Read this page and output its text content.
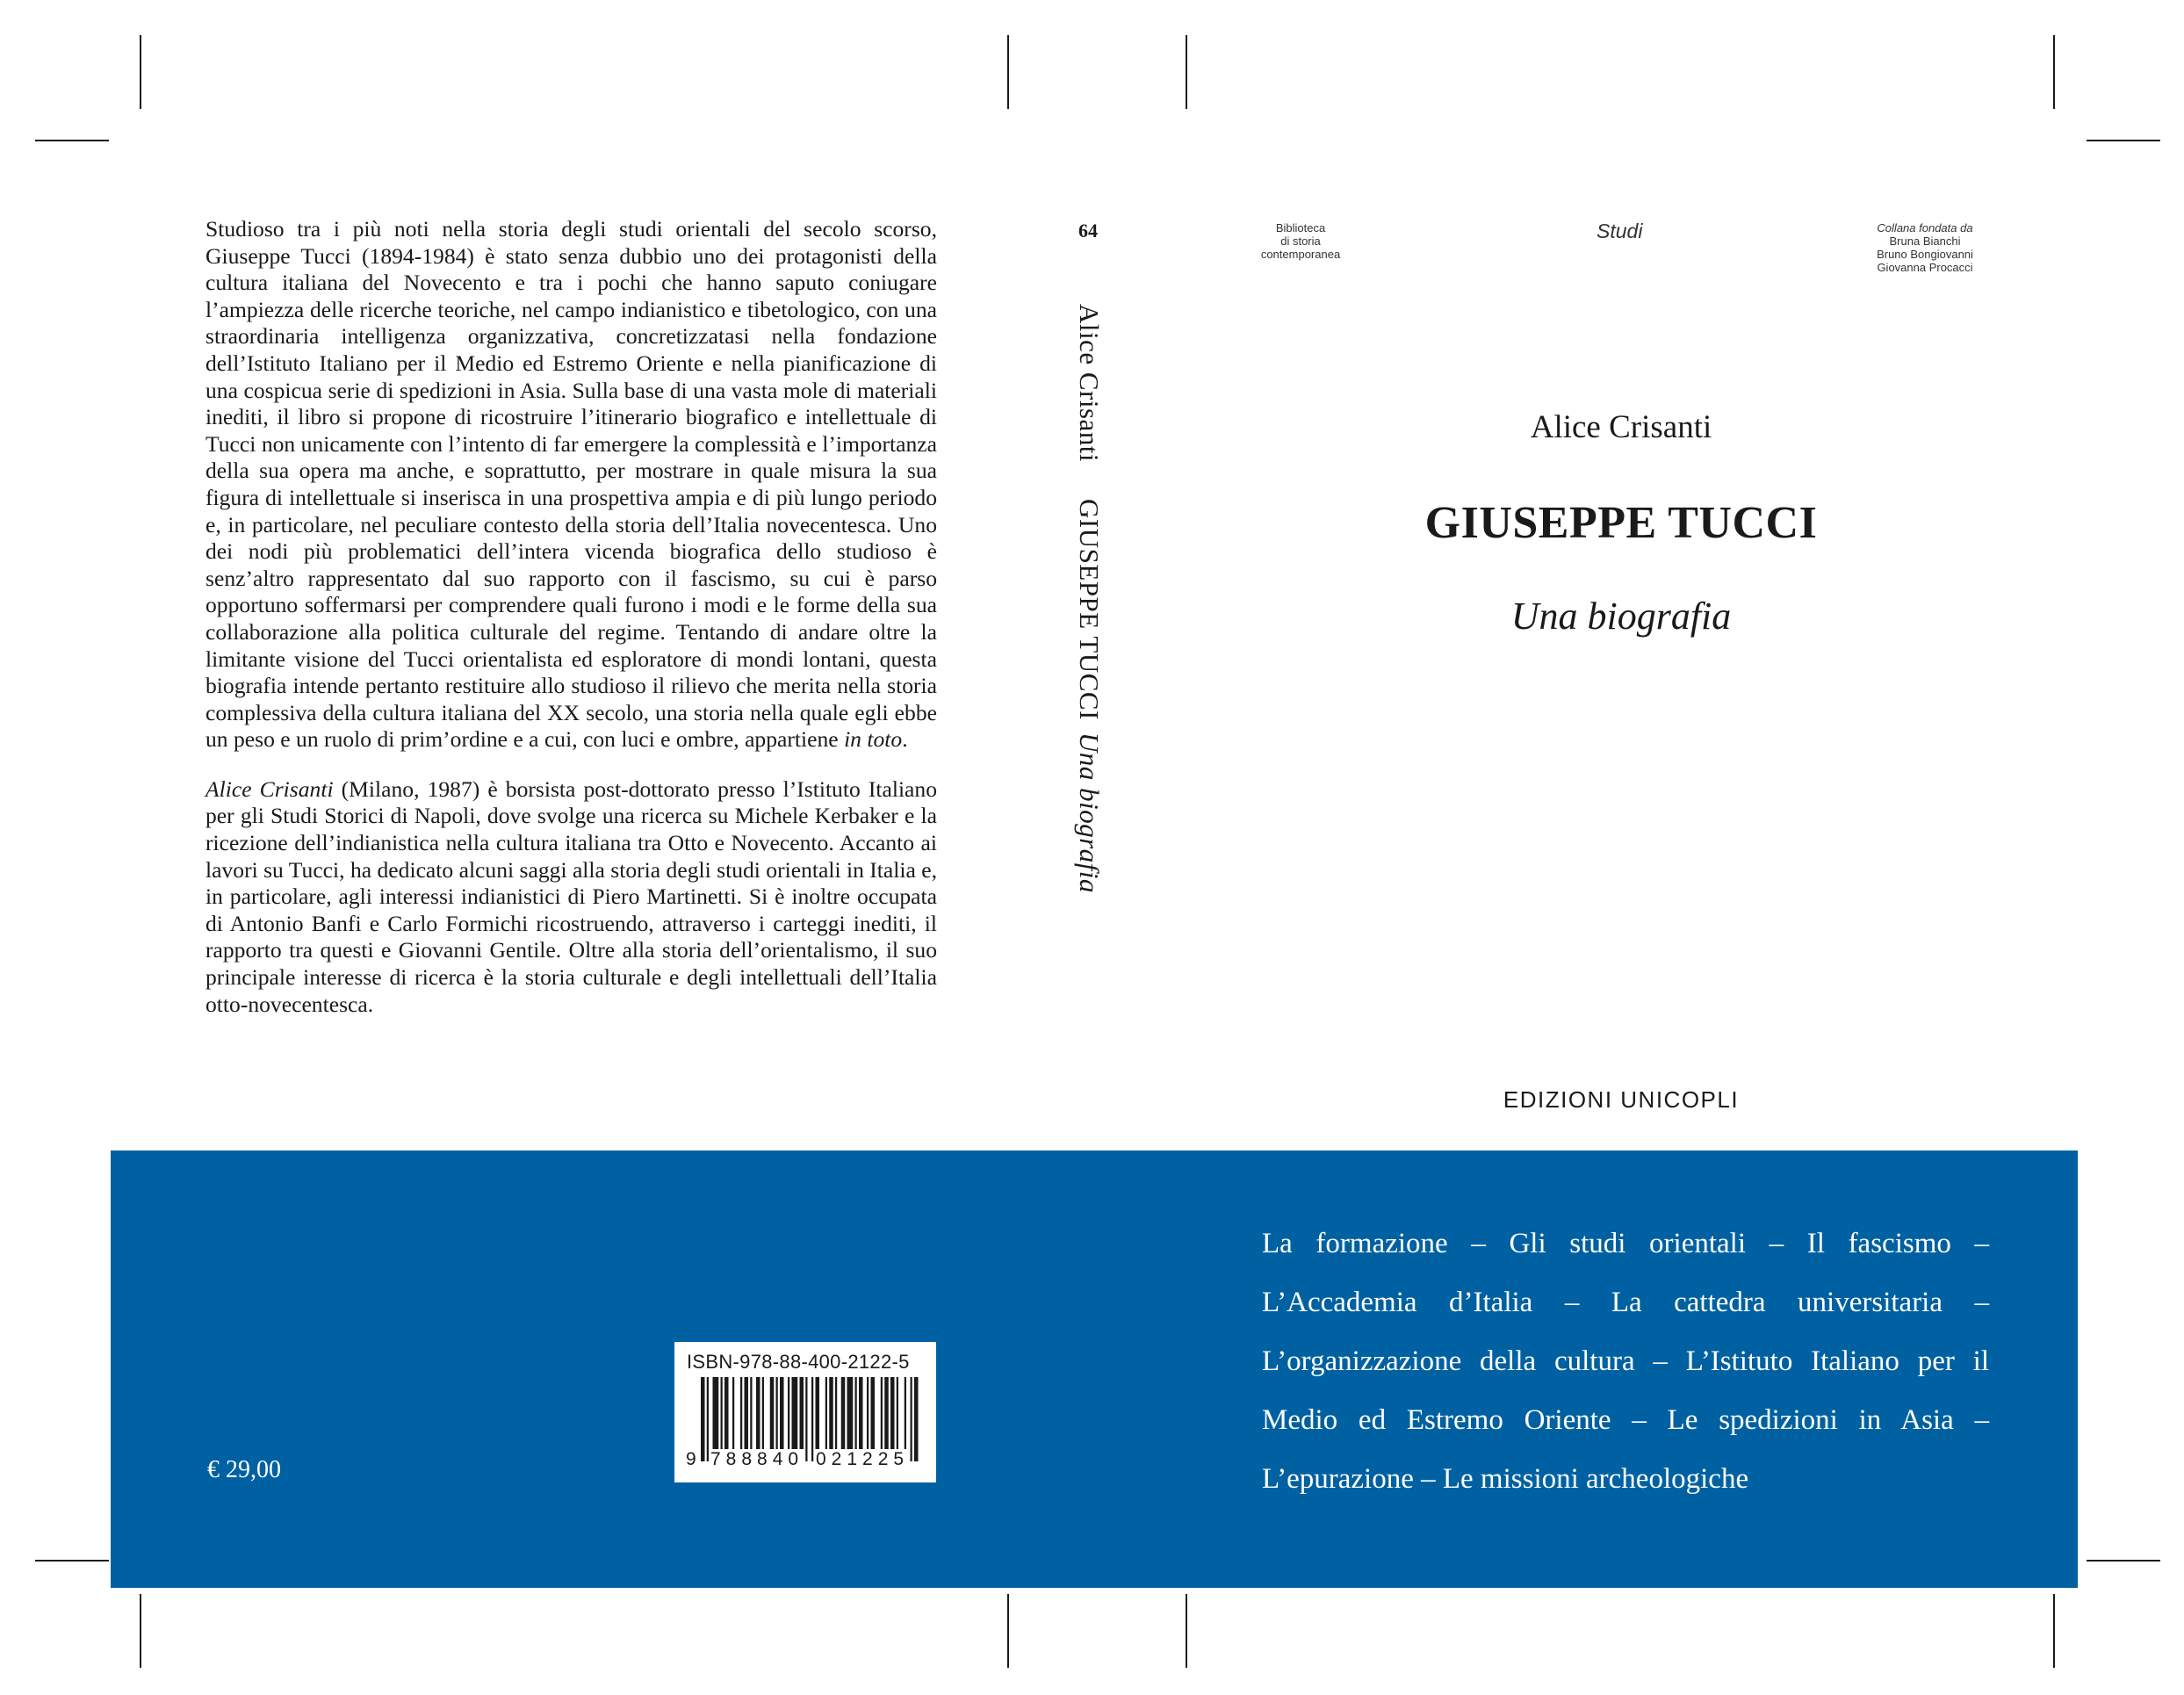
Studioso tra i più noti nella storia degli studi orientali del secolo scorso, Giuseppe Tucci (1894-1984) è stato senza dubbio uno dei protagonisti della cultura italiana del Novecento e tra i pochi che hanno saputo coniugare l’ampiezza delle ricerche teoriche, nel campo indianistico e tibetologico, con una straordinaria intelligenza organizzativa, concretizzatasi nella fondazione dell’Istituto Italiano per il Medio ed Estremo Oriente e nella pianificazione di una cospicua serie di spedizioni in Asia. Sulla base di una vasta mole di materiali inediti, il libro si propone di ricostruire l’itinerario biografico e intellettuale di Tucci non unicamente con l’intento di far emergere la complessità e l’importanza della sua opera ma anche, e soprattutto, per mostrare in quale misura la sua figura di intellettuale si inserisca in una prospettiva ampia e di più lungo periodo e, in particolare, nel peculiare contesto della storia dell’Italia novecentesca. Uno dei nodi più problematici dell’intera vicenda biografica dello studioso è senz’altro rappresentato dal suo rapporto con il fascismo, su cui è parso opportuno soffermarsi per comprendere quali furono i modi e le forme della sua collaborazione alla politica culturale del regime. Tentando di andare oltre la limitante visione del Tucci orientalista ed esploratore di mondi lontani, questa biografia intende pertanto restituire allo studioso il rilievo che merita nella storia complessiva della cultura italiana del XX secolo, una storia nella quale egli ebbe un peso e un ruolo di prim’ordine e a cui, con luci e ombre, appartiene in toto.

Alice Crisanti (Milano, 1987) è borsista post-dottorato presso l’Istituto Italiano per gli Studi Storici di Napoli, dove svolge una ricerca su Michele Kerbaker e la ricezione dell’indianistica nella cultura italiana tra Otto e Novecento. Accanto ai lavori su Tucci, ha dedicato alcuni saggi alla storia degli studi orientali in Italia e, in particolare, agli interessi indianistici di Piero Martinetti. Si è inoltre occupata di Antonio Banfi e Carlo Formichi ricostruendo, attraverso i carteggi inediti, il rapporto tra questi e Giovanni Gentile. Oltre alla storia dell’orientalismo, il suo principale interesse di ricerca è la storia culturale e degli intellettuali dell’Italia otto-novecentesca.

64
Alice CrisantiGIUSEPPE TUCCIUna biografia
Biblioteca
di storia
contemporanea
Studi	Collana fondata da
Bruna Bianchi
Bruno Bongiovanni
Giovanna Procacci
Alice Crisanti
GIUSEPPE TUCCI
Una biografia
EDIZIONI UNICOPLI
La formazione – Gli studi orientali – Il fascismo – L’Accademia d’Italia – La cattedra universitaria – L’organizzazione della cultura – L’Istituto Italiano per il Medio ed Estremo Oriente – Le spedizioni in Asia – L’epurazione – Le missioni archeologiche
€ 29,00
ISBN-978-88-400-2122-5
9 788840 021225
